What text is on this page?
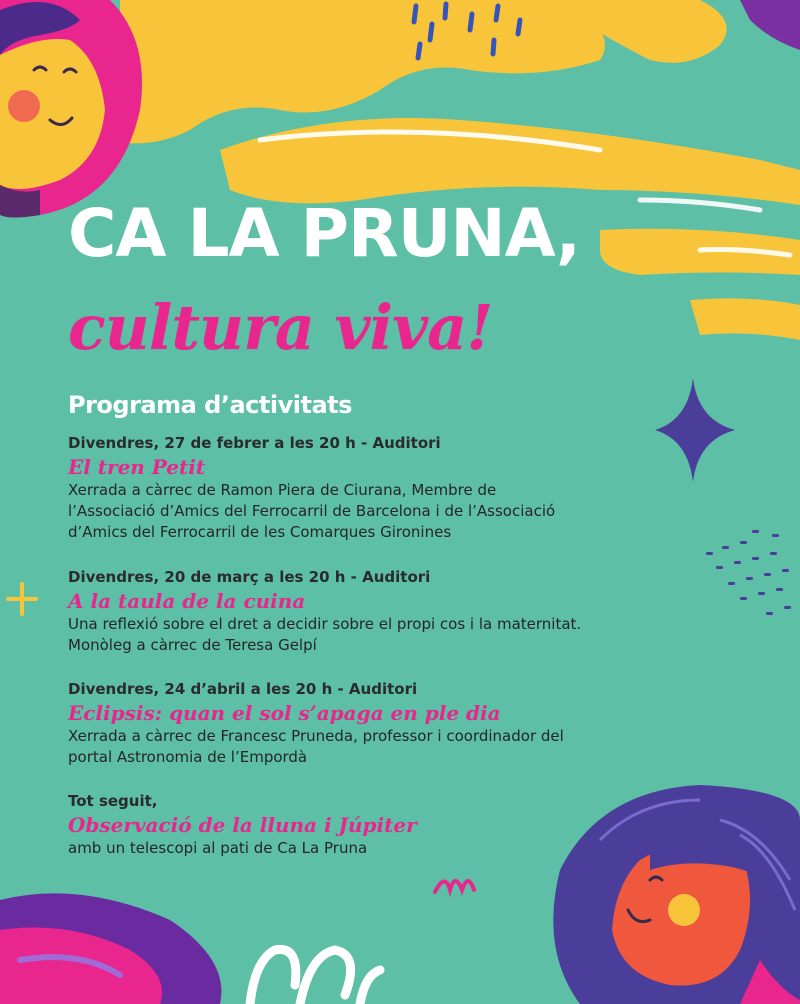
CA LA PRUNA,
cultura viva!
Programa d’activitats
Divendres, 27 de febrer a les 20 h - Auditori
El tren Petit

Xerrada a càrrec de Ramon Piera de Ciurana, Membre de

l’Associació d’Amics del Ferrocarril de Barcelona i de l’Associació

d’Amics del Ferrocarril de les Comarques Gironines

Divendres, 20 de març a les 20 h - Auditori
A la taula de la cuina

Una reflexió sobre el dret a decidir sobre el propi cos i la maternitat.

Monòleg a càrrec de Teresa Gelpí

Divendres, 24 d’abril a les 20 h - Auditori
Eclipsis: quan el sol s’apaga en ple dia

Xerrada a càrrec de Francesc Pruneda, professor i coordinador del

portal Astronomia de l’Empordà

Tot seguit,
Observació de la lluna i Júpiter

amb un telescopi al pati de Ca La Pruna
